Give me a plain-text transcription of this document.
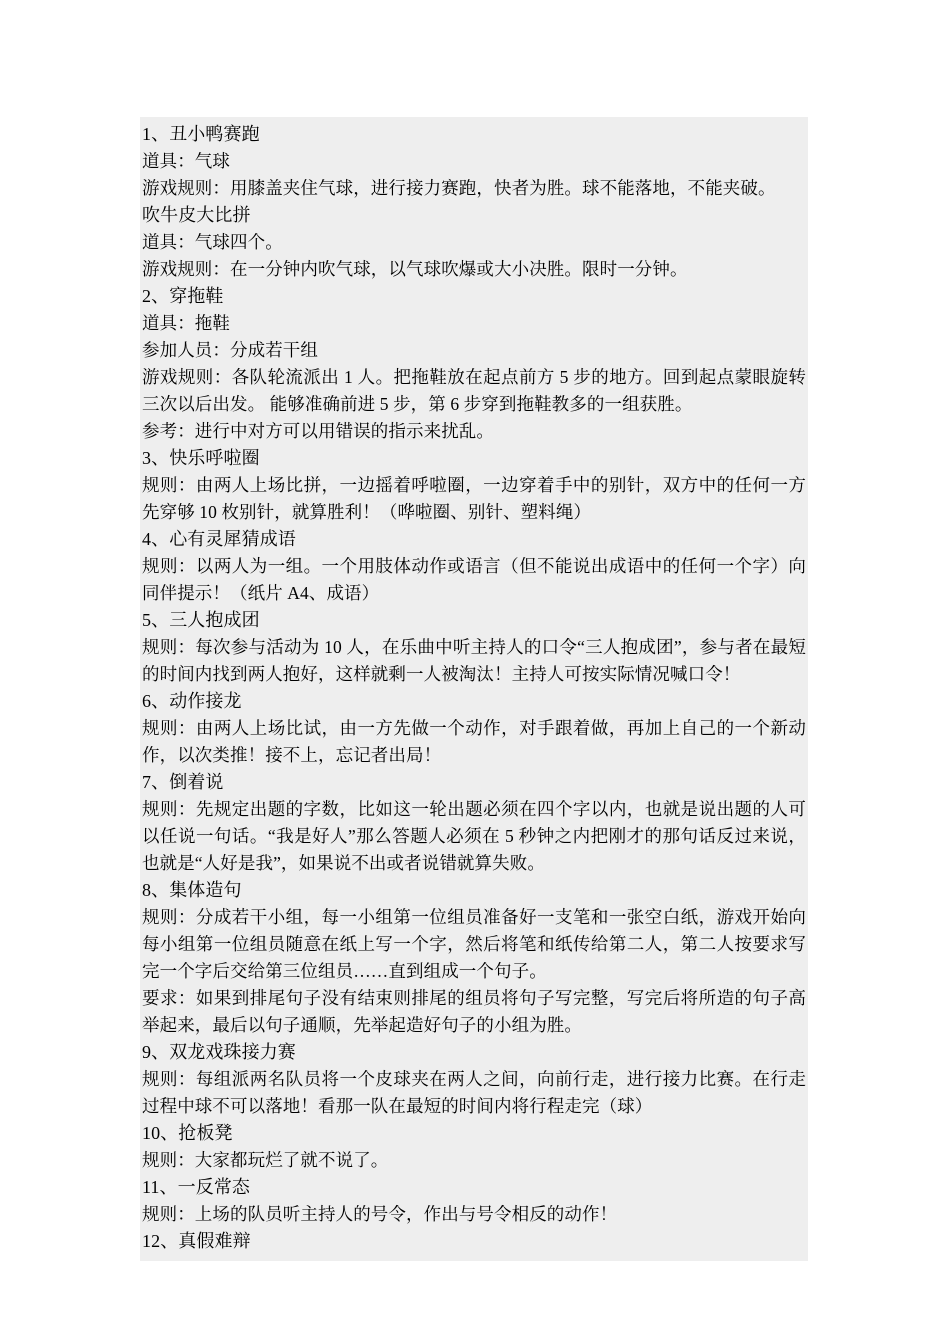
1、丑小鸭赛跑
道具：气球
游戏规则：用膝盖夹住气球，进行接力赛跑，快者为胜。球不能落地，不能夹破。
吹牛皮大比拼
道具：气球四个。
游戏规则：在一分钟内吹气球，以气球吹爆或大小决胜。限时一分钟。
2、穿拖鞋
道具：拖鞋
参加人员：分成若干组
游戏规则：各队轮流派出 1 人。把拖鞋放在起点前方 5 步的地方。回到起点蒙眼旋转三次以后出发。 能够准确前进 5 步，第 6 步穿到拖鞋教多的一组获胜。
参考：进行中对方可以用错误的指示来扰乱。
3、快乐呼啦圈
规则：由两人上场比拼，一边摇着呼啦圈，一边穿着手中的别针，双方中的任何一方先穿够 10 枚别针，就算胜利！（哗啦圈、别针、塑料绳）
4、心有灵犀猜成语
规则：以两人为一组。一个用肢体动作或语言（但不能说出成语中的任何一个字）向同伴提示！（纸片 A4、成语）
5、三人抱成团
规则：每次参与活动为 10 人，在乐曲中听主持人的口令“三人抱成团”，参与者在最短的时间内找到两人抱好，这样就剩一人被淘汰！主持人可按实际情况喊口令！
6、动作接龙
规则：由两人上场比试，由一方先做一个动作，对手跟着做，再加上自己的一个新动作，以次类推！接不上，忘记者出局！
7、倒着说
规则：先规定出题的字数，比如这一轮出题必须在四个字以内，也就是说出题的人可以任说一句话。“我是好人”那么答题人必须在 5 秒钟之内把刚才的那句话反过来说，也就是“人好是我”，如果说不出或者说错就算失败。
8、集体造句
规则：分成若干小组，每一小组第一位组员准备好一支笔和一张空白纸，游戏开始向每小组第一位组员随意在纸上写一个字，然后将笔和纸传给第二人，第二人按要求写完一个字后交给第三位组员……直到组成一个句子。
要求：如果到排尾句子没有结束则排尾的组员将句子写完整，写完后将所造的句子高举起来，最后以句子通顺，先举起造好句子的小组为胜。
9、双龙戏珠接力赛
规则：每组派两名队员将一个皮球夹在两人之间，向前行走，进行接力比赛。在行走过程中球不可以落地！看那一队在最短的时间内将行程走完（球）
10、抢板凳
规则：大家都玩烂了就不说了。
11、一反常态
规则：上场的队员听主持人的号令，作出与号令相反的动作！
12、真假难辩
